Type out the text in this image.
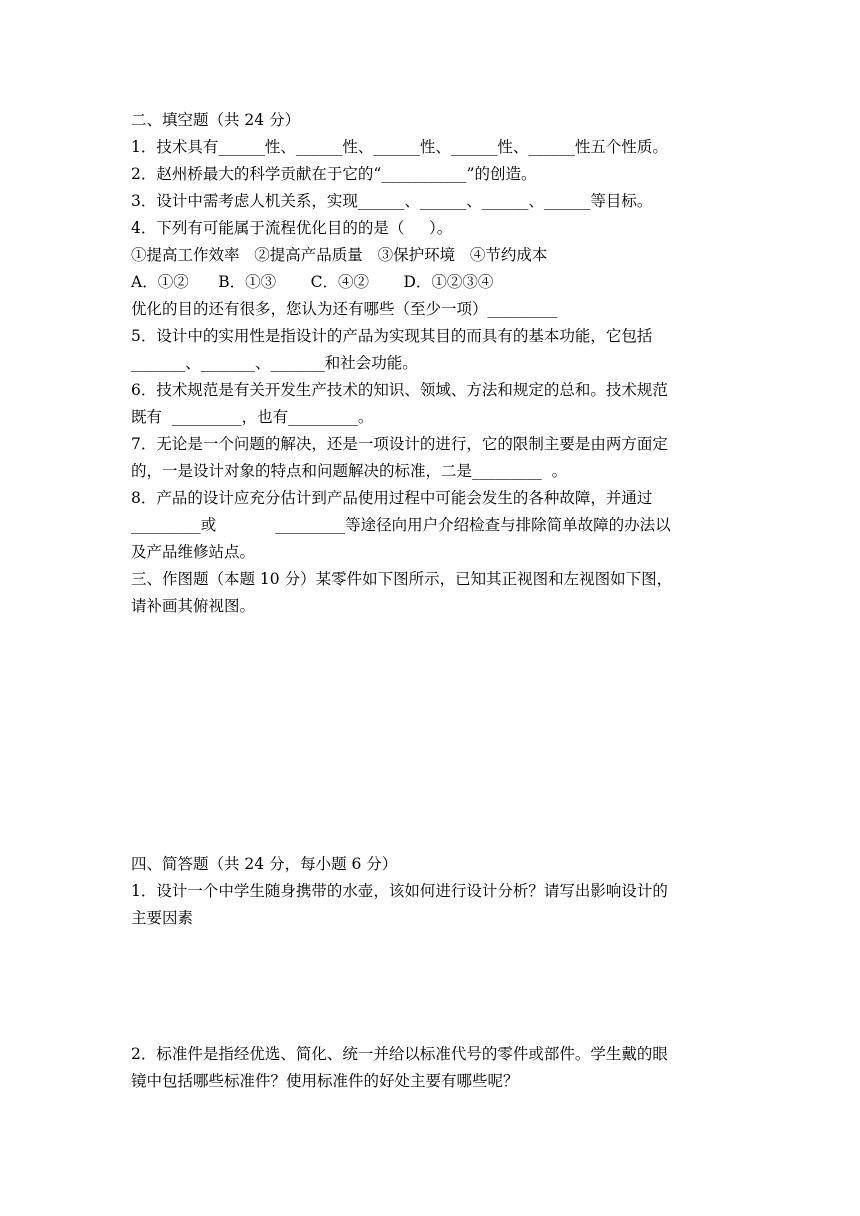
二、填空题（共 24 分）
1．技术具有______性、______性、______性、______性、______性五个性质。
2．赵州桥最大的科学贡献在于它的“___________”的创造。
3．设计中需考虑人机关系，实现______、______、______、______等目标。
4．下列有可能属于流程优化目的的是（     ）。
①提高工作效率   ②提高产品质量   ③保护环境   ④节约成本
A．①②      B．①③       C．④②       D．①②③④
优化的目的还有很多，您认为还有哪些（至少一项）_________
5．设计中的实用性是指设计的产品为实现其目的而具有的基本功能，它包括
_______、_______、_______和社会功能。
6．技术规范是有关开发生产技术的知识、领域、方法和规定的总和。技术规范
既有  _________，也有_________。
7．无论是一个问题的解决，还是一项设计的进行，它的限制主要是由两方面定
的，一是设计对象的特点和问题解决的标准，二是_________  。
8．产品的设计应充分估计到产品使用过程中可能会发生的各种故障，并通过
_________或            _________等途径向用户介绍检查与排除简单故障的办法以
及产品维修站点。
三、作图题（本题 10 分）某零件如下图所示，已知其正视图和左视图如下图，
请补画其俯视图。
四、简答题（共 24 分，每小题 6 分）
1．设计一个中学生随身携带的水壶，该如何进行设计分析？请写出影响设计的
主要因素
2．标准件是指经优选、简化、统一并给以标准代号的零件或部件。学生戴的眼
镜中包括哪些标准件？使用标准件的好处主要有哪些呢？
